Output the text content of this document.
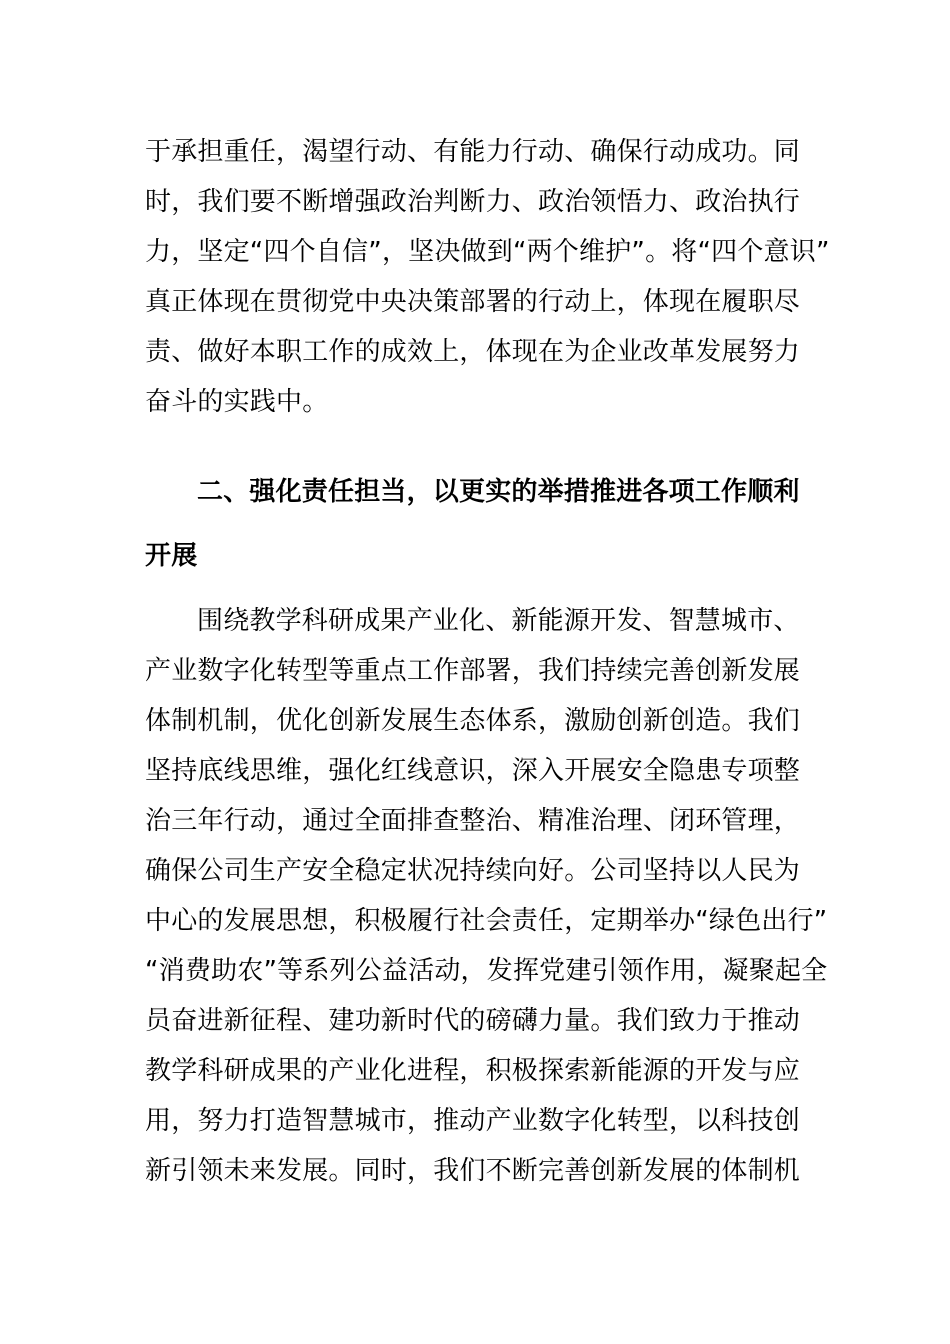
于承担重任，渴望行动、有能力行动、确保行动成功。同
时，我们要不断增强政治判断力、政治领悟力、政治执行
力，坚定“四个自信”，坚决做到“两个维护”。将“四个意识”
真正体现在贯彻党中央决策部署的行动上，体现在履职尽
责、做好本职工作的成效上，体现在为企业改革发展努力
奋斗的实践中。
二、强化责任担当，以更实的举措推进各项工作顺利
开展
围绕教学科研成果产业化、新能源开发、智慧城市、
产业数字化转型等重点工作部署，我们持续完善创新发展
体制机制，优化创新发展生态体系，激励创新创造。我们
坚持底线思维，强化红线意识，深入开展安全隐患专项整
治三年行动，通过全面排查整治、精准治理、闭环管理，
确保公司生产安全稳定状况持续向好。公司坚持以人民为
中心的发展思想，积极履行社会责任，定期举办“绿色出行”
“消费助农”等系列公益活动，发挥党建引领作用，凝聚起全
员奋进新征程、建功新时代的磅礴力量。我们致力于推动
教学科研成果的产业化进程，积极探索新能源的开发与应
用，努力打造智慧城市，推动产业数字化转型，以科技创
新引领未来发展。同时，我们不断完善创新发展的体制机
